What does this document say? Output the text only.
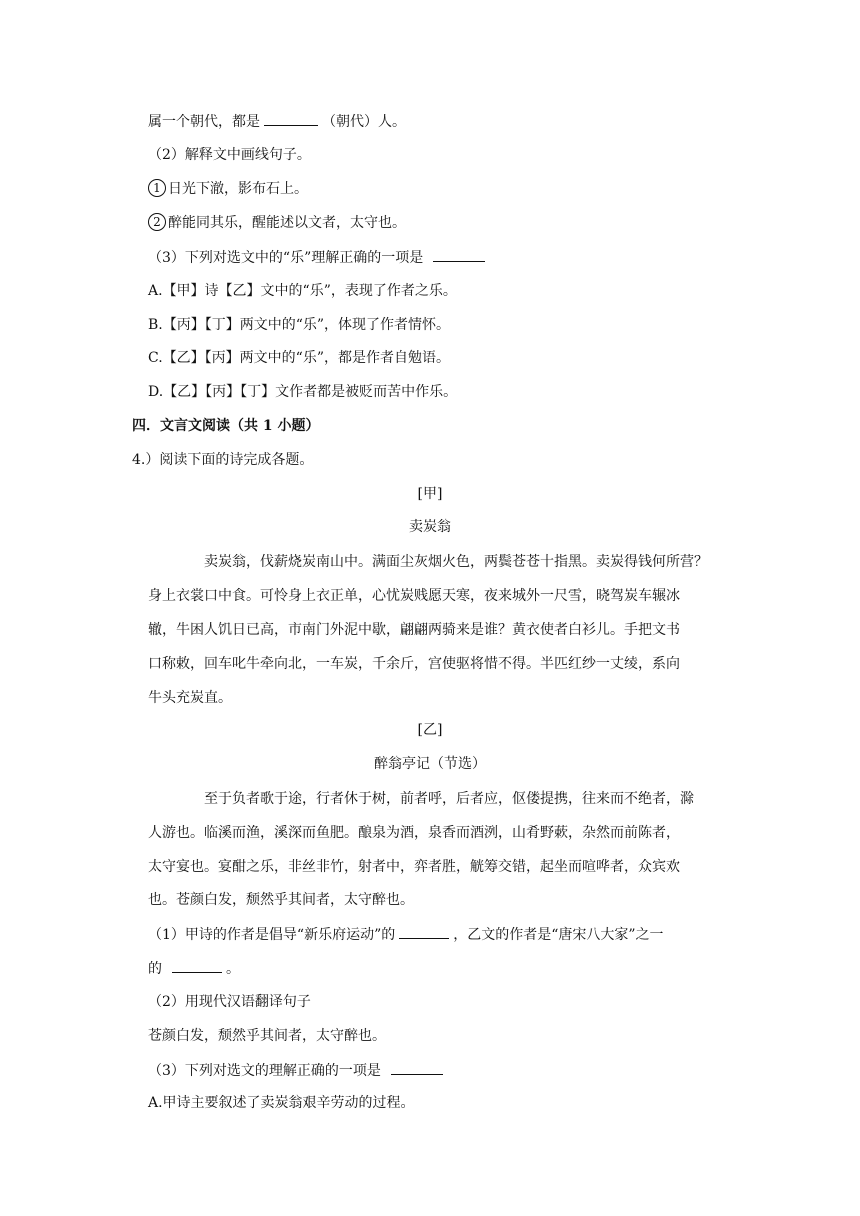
属一个朝代，都是	（朝代）人。
（2）解释文中画线句子。
1 日光下澈，影布石上。
2 醉能同其乐，醒能述以文者，太守也。
（3）下列对选文中的“乐”理解正确的一项是
A.【甲】诗【乙】文中的“乐”，表现了作者之乐。
B.【丙】【丁】两文中的“乐”，体现了作者情怀。
C.【乙】【丙】两文中的“乐”，都是作者自勉语。
D.【乙】【丙】【丁】文作者都是被贬而苦中作乐。
四．文言文阅读（共 1 小题）
4.）阅读下面的诗完成各题。
[甲]
卖炭翁
卖炭翁，伐薪烧炭南山中。满面尘灰烟火色，两鬓苍苍十指黑。卖炭得钱何所营？
身上衣裳口中食。可怜身上衣正单，心忧炭贱愿天寒，夜来城外一尺雪，晓驾炭车辗冰
辙，牛困人饥日已高，市南门外泥中歇，翩翩两骑来是谁？黄衣使者白衫儿。手把文书
口称敕，回车叱牛牵向北，一车炭，千余斤，宫使驱将惜不得。半匹红纱一丈绫，系向
牛头充炭直。
[乙]
醉翁亭记（节选）
至于负者歌于途，行者休于树，前者呼，后者应，伛偻提携，往来而不绝者，滁
人游也。临溪而渔，溪深而鱼肥。酿泉为酒，泉香而酒洌，山肴野蔌，杂然而前陈者，
太守宴也。宴酣之乐，非丝非竹，射者中，弈者胜，觥筹交错，起坐而喧哗者，众宾欢
也。苍颜白发，颓然乎其间者，太守醉也。
（1）甲诗的作者是倡导“新乐府运动”的	，乙文的作者是“唐宋八大家”之一
的	。
（2）用现代汉语翻译句子
苍颜白发，颓然乎其间者，太守醉也。
（3）下列对选文的理解正确的一项是
A.甲诗主要叙述了卖炭翁艰辛劳动的过程。
